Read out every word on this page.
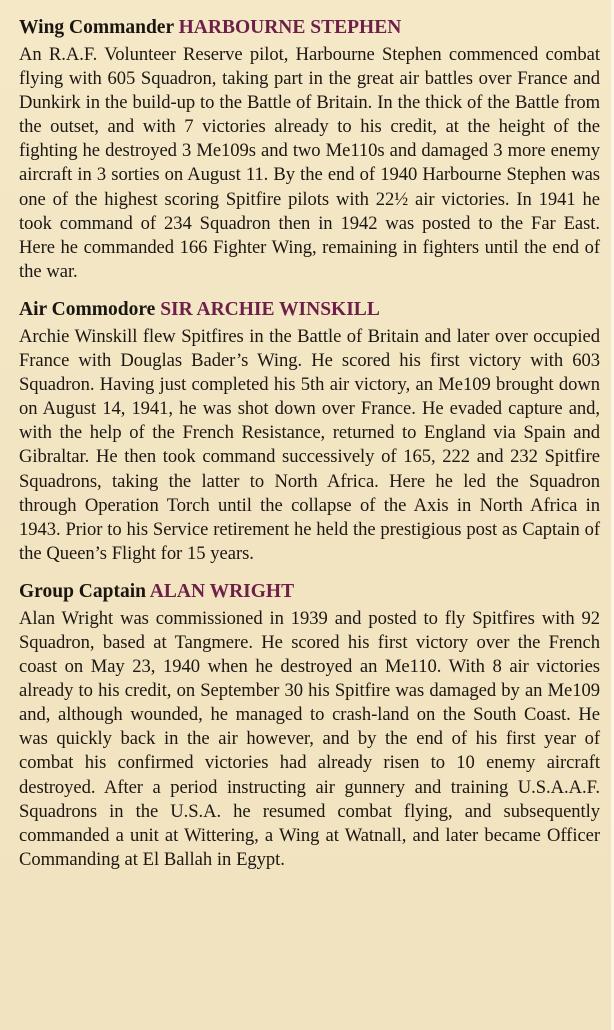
Wing Commander HARBOURNE STEPHEN

An R.A.F. Volunteer Reserve pilot, Harbourne Stephen commenced combat flying with 605 Squadron, taking part in the great air battles over France and Dunkirk in the build-up to the Battle of Britain. In the thick of the Battle from the outset, and with 7 victories already to his credit, at the height of the fighting he destroyed 3 Me109s and two Me110s and damaged 3 more enemy aircraft in 3 sorties on August 11. By the end of 1940 Harbourne Stephen was one of the highest scoring Spitfire pilots with 22½ air victories. In 1941 he took command of 234 Squadron then in 1942 was posted to the Far East. Here he commanded 166 Fighter Wing, remaining in fighters until the end of the war.

Air Commodore SIR ARCHIE WINSKILL

Archie Winskill flew Spitfires in the Battle of Britain and later over occupied France with Douglas Bader’s Wing. He scored his first victory with 603 Squadron. Having just completed his 5th air victory, an Me109 brought down on August 14, 1941, he was shot down over France. He evaded capture and, with the help of the French Resistance, returned to England via Spain and Gibraltar. He then took command successively of 165, 222 and 232 Spitfire Squadrons, taking the latter to North Africa. Here he led the Squadron through Operation Torch until the collapse of the Axis in North Africa in 1943. Prior to his Service retirement he held the prestigious post as Captain of the Queen’s Flight for 15 years.

Group Captain ALAN WRIGHT

Alan Wright was commissioned in 1939 and posted to fly Spitfires with 92 Squadron, based at Tangmere. He scored his first victory over the French coast on May 23, 1940 when he destroyed an Me110. With 8 air victories already to his credit, on September 30 his Spitfire was damaged by an Me109 and, although wounded, he managed to crash-land on the South Coast. He was quickly back in the air however, and by the end of his first year of combat his confirmed victories had already risen to 10 enemy aircraft destroyed. After a period instructing air gunnery and training U.S.A.A.F. Squadrons in the U.S.A. he resumed combat flying, and subsequently commanded a unit at Wittering, a Wing at Watnall, and later became Officer Commanding at El Ballah in Egypt.
